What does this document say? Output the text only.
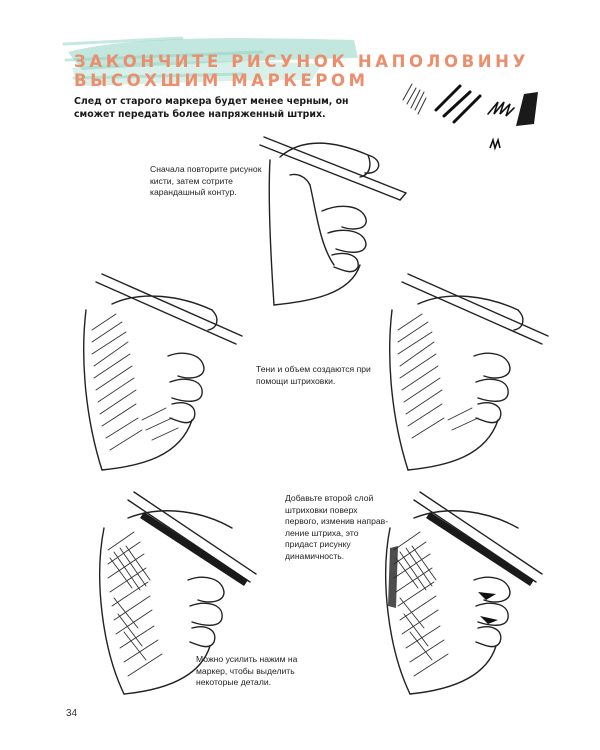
ЗАКОНЧИТЕ РИСУНОК НАПОЛОВИНУ
ВЫСОХШИМ МАРКЕРОМ

След от старого маркера будет менее черным, он сможет передать более напряженный штрих.

Сначала повторите рисунок кисти, затем сотрите карандашный контур.

Тени и объем создаются при помощи штриховки.

Добавьте второй слой штриховки поверх первого, изменив направ-ление штриха, это придаст рисунку динамичность.

Можно усилить нажим на маркер, чтобы выделить некоторые детали.

34
